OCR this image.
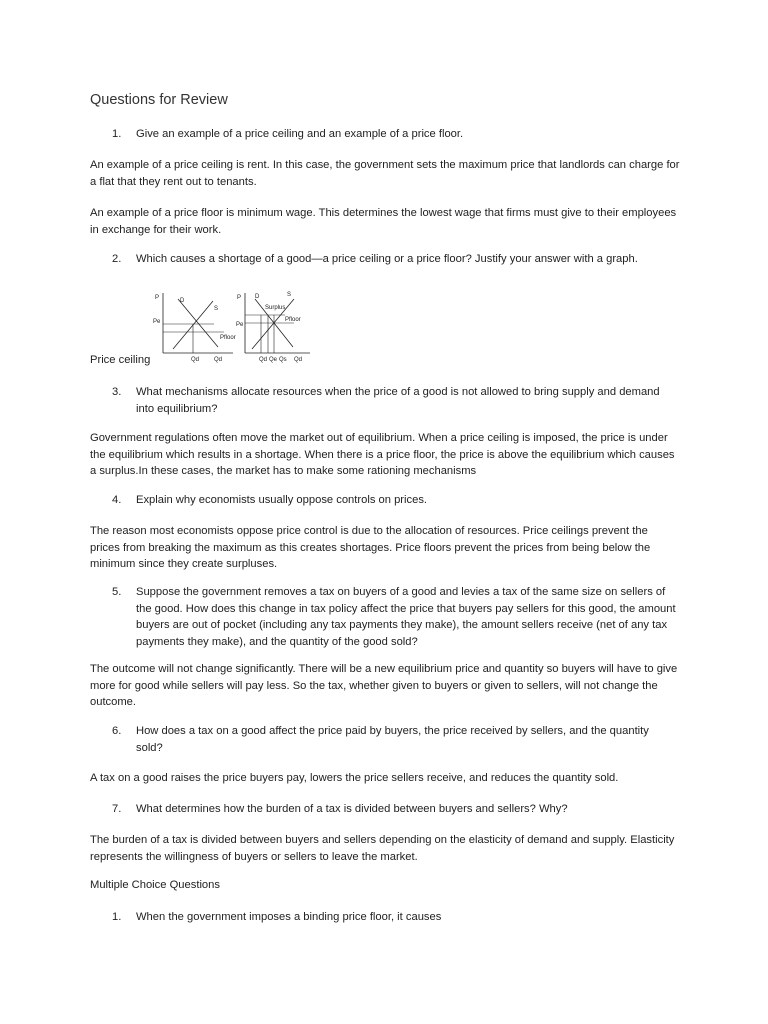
Questions for Review
1.	Give an example of a price ceiling and an example of a price floor.
An example of a price ceiling is rent. In this case, the government sets the maximum price that landlords can charge for a flat that they rent out to tenants.
An example of a price floor is minimum wage. This determines the lowest wage that firms must give to their employees in exchange for their work.
2.	Which causes a shortage of a good—a price ceiling or a price floor? Justify your answer with a graph.
P	D
S
Pe
Pfloor
Qd Qd
P D	S
Surplus
Pfloor
Pe
Qd Qe Qs Qd
Price ceiling
3.	What mechanisms allocate resources when the price of a good is not allowed to bring supply and demand into equilibrium?
Government regulations often move the market out of equilibrium. When a price ceiling is imposed, the price is under the equilibrium which results in a shortage. When there is a price floor, the price is above the equilibrium which causes a surplus.In these cases, the market has to make some rationing mechanisms
4.	Explain why economists usually oppose controls on prices.
The reason most economists oppose price control is due to the allocation of resources. Price ceilings prevent the prices from breaking the maximum as this creates shortages. Price floors prevent the prices from being below the minimum since they create surpluses.
5.	Suppose the government removes a tax on buyers of a good and levies a tax of the same size on sellers of the good. How does this change in tax policy affect the price that buyers pay sellers for this good, the amount buyers are out of pocket (including any tax payments they make), the amount sellers receive (net of any tax payments they make), and the quantity of the good sold?
The outcome will not change significantly. There will be a new equilibrium price and quantity so buyers will have to give more for good while sellers will pay less. So the tax, whether given to buyers or given to sellers, will not change the outcome.
6.	How does a tax on a good affect the price paid by buyers, the price received by sellers, and the quantity sold?
A tax on a good raises the price buyers pay, lowers the price sellers receive, and reduces the quantity sold.
7.	What determines how the burden of a tax is divided between buyers and sellers? Why?
The burden of a tax is divided between buyers and sellers depending on the elasticity of demand and supply. Elasticity represents the willingness of buyers or sellers to leave the market.
Multiple Choice Questions
1.	When the government imposes a binding price floor, it causes
